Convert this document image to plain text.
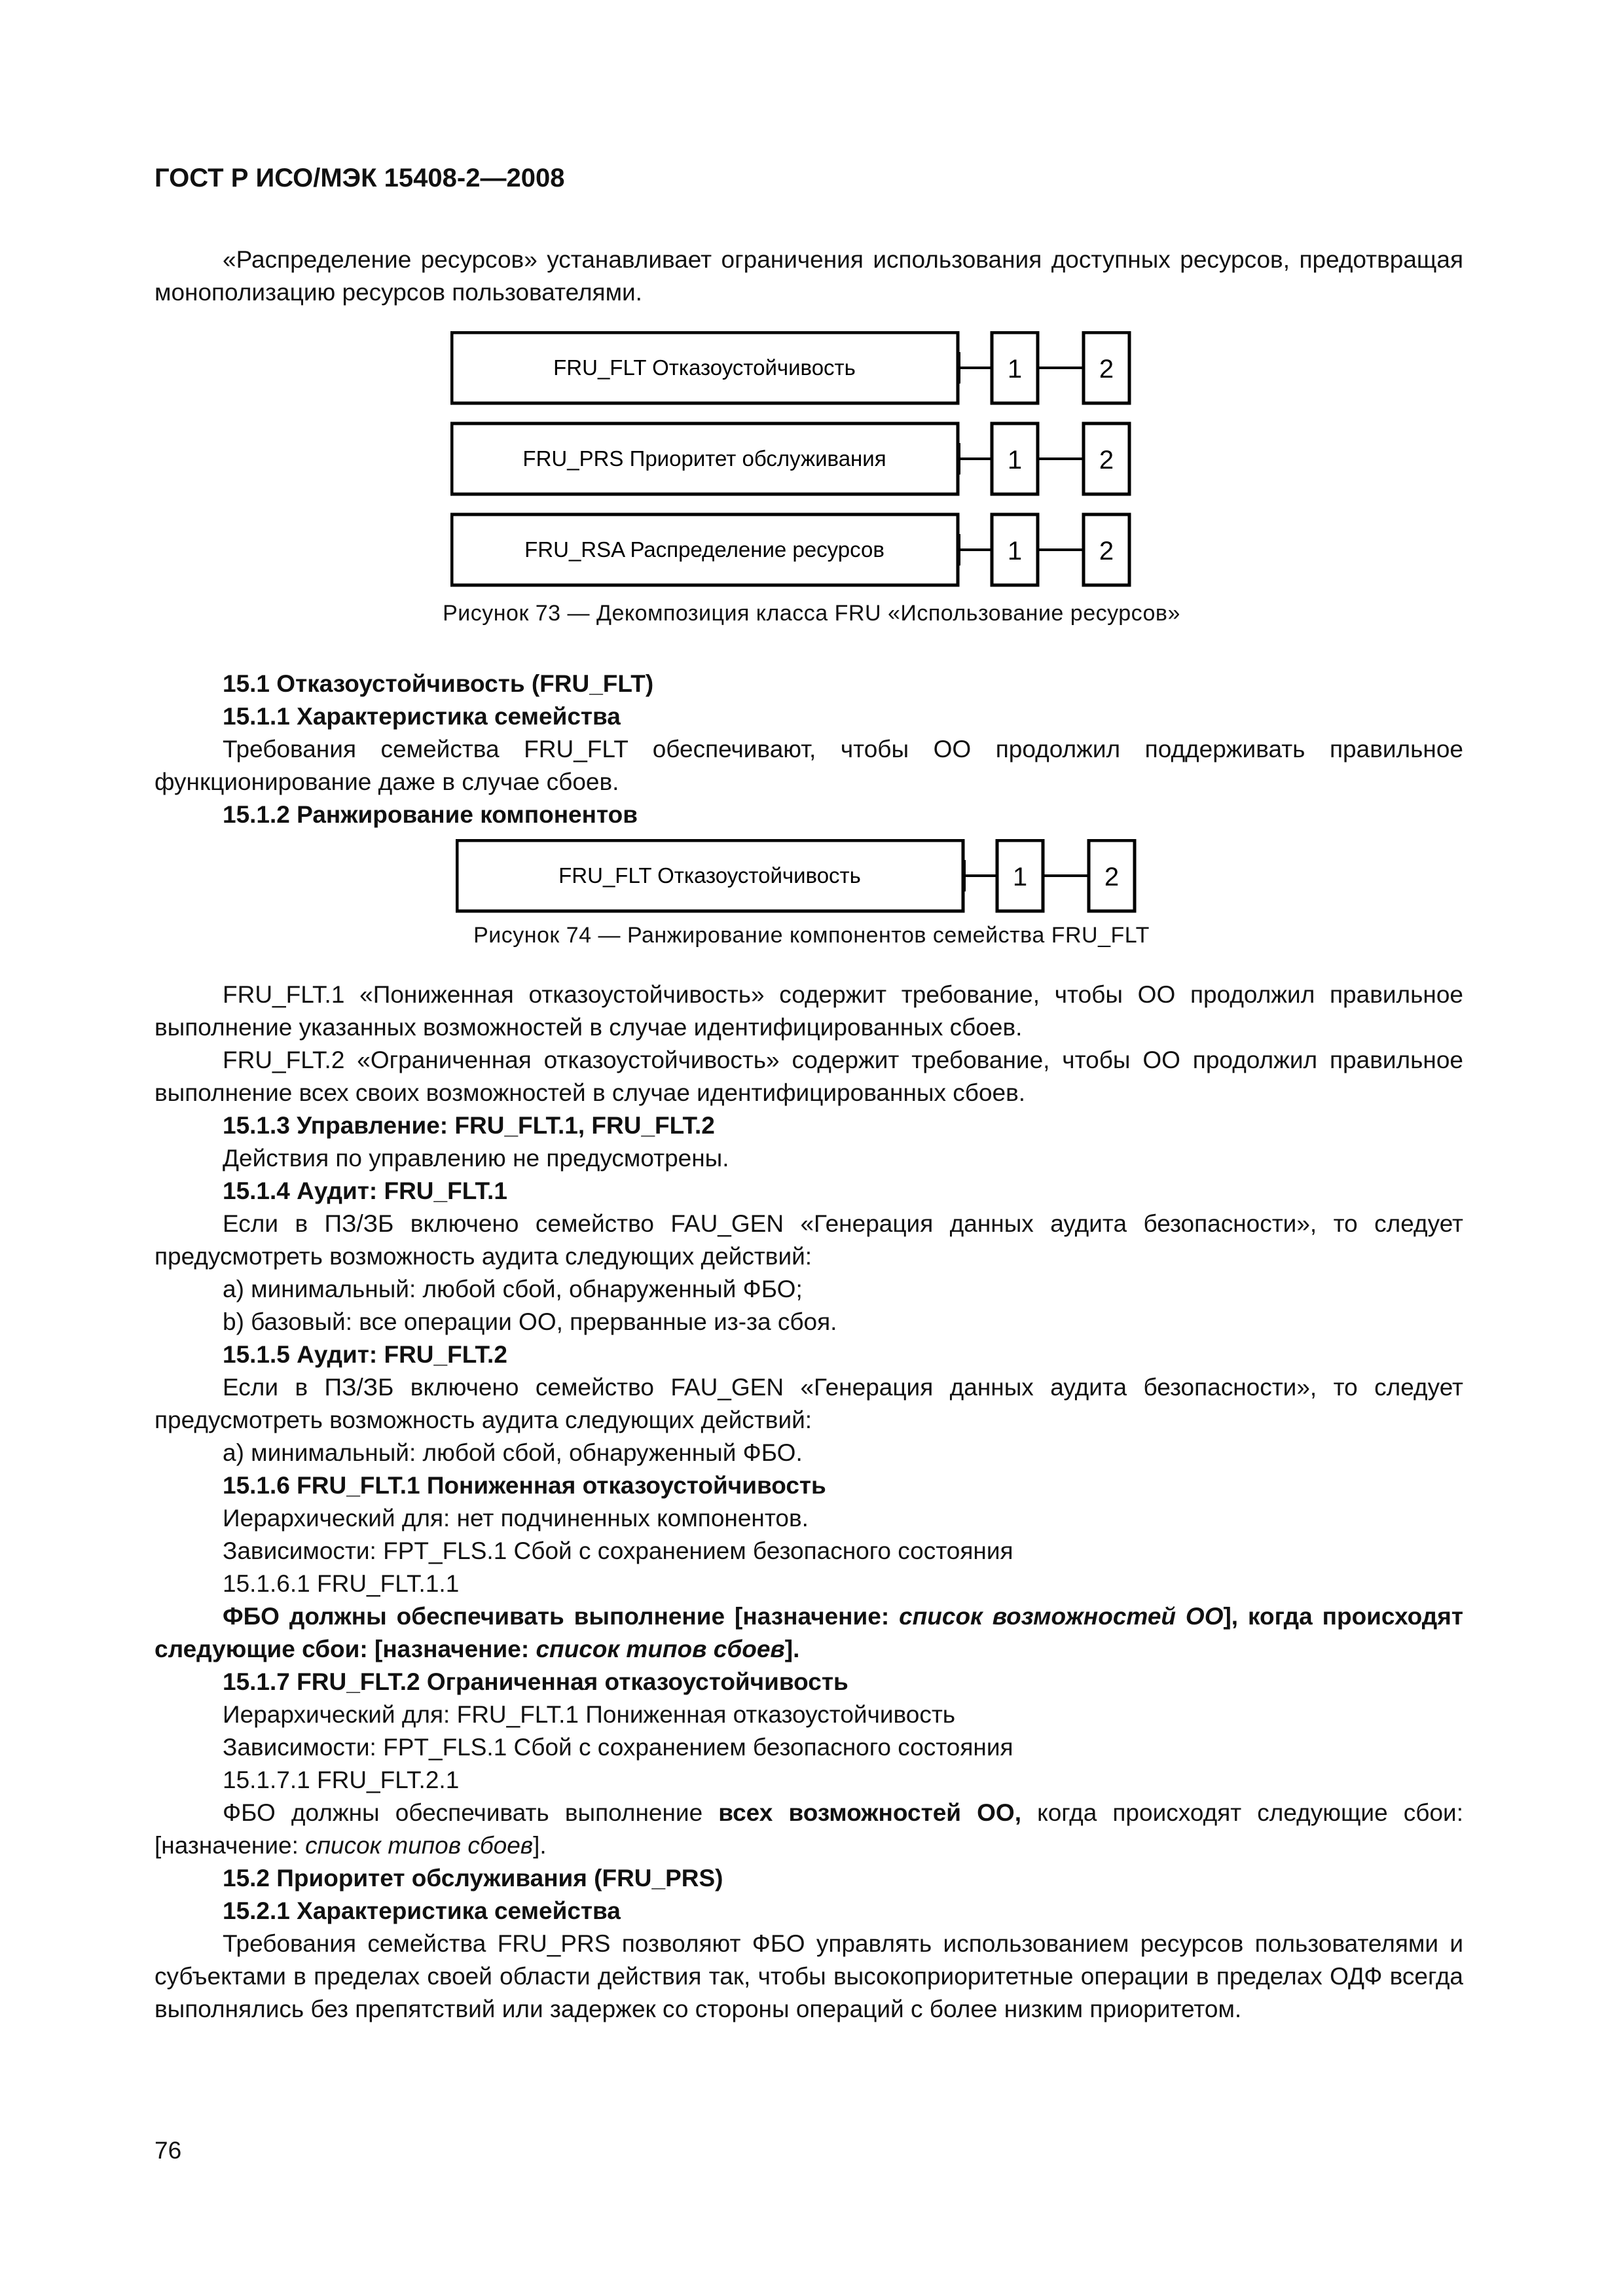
ГОСТ Р ИСО/МЭК 15408-2—2008
«Распределение ресурсов» устанавливает ограничения использования доступных ресурсов, предотвращая монополизацию ресурсов пользователями.
FRU_FLT Отказоустойчивость	1	2
FRU_PRS Приоритет обслуживания	1	2
FRU_RSA Распределение ресурсов	1	2
Рисунок 73 — Декомпозиция класса FRU «Использование ресурсов»
15.1 Отказоустойчивость (FRU_FLT)
15.1.1 Характеристика семейства
Требования семейства FRU_FLT обеспечивают, чтобы ОО продолжил поддерживать правильное функционирование даже в случае сбоев.
15.1.2 Ранжирование компонентов
FRU_FLT Отказоустойчивость	1	2
Рисунок 74 — Ранжирование компонентов семейства FRU_FLT
FRU_FLT.1 «Пониженная отказоустойчивость» содержит требование, чтобы ОО продолжил правильное выполнение указанных возможностей в случае идентифицированных сбоев.
FRU_FLT.2 «Ограниченная отказоустойчивость» содержит требование, чтобы ОО продолжил правильное выполнение всех своих возможностей в случае идентифицированных сбоев.
15.1.3 Управление: FRU_FLT.1, FRU_FLT.2
Действия по управлению не предусмотрены.
15.1.4 Аудит: FRU_FLT.1
Если в ПЗ/ЗБ включено семейство FAU_GEN «Генерация данных аудита безопасности», то следует предусмотреть возможность аудита следующих действий:
a) минимальный: любой сбой, обнаруженный ФБО;
b) базовый: все операции ОО, прерванные из-за сбоя.
15.1.5 Аудит: FRU_FLT.2
Если в ПЗ/ЗБ включено семейство FAU_GEN «Генерация данных аудита безопасности», то следует предусмотреть возможность аудита следующих действий:
a) минимальный: любой сбой, обнаруженный ФБО.
15.1.6 FRU_FLT.1 Пониженная отказоустойчивость
Иерархический для: нет подчиненных компонентов.
Зависимости: FPT_FLS.1 Сбой с сохранением безопасного состояния
15.1.6.1 FRU_FLT.1.1
ФБО должны обеспечивать выполнение [назначение: список возможностей ОО], когда происходят следующие сбои: [назначение: список типов сбоев].
15.1.7 FRU_FLT.2 Ограниченная отказоустойчивость
Иерархический для: FRU_FLT.1 Пониженная отказоустойчивость
Зависимости: FPT_FLS.1 Сбой с сохранением безопасного состояния
15.1.7.1 FRU_FLT.2.1
ФБО должны обеспечивать выполнение всех возможностей ОО, когда происходят следующие сбои: [назначение: список типов сбоев].
15.2 Приоритет обслуживания (FRU_PRS)
15.2.1 Характеристика семейства
Требования семейства FRU_PRS позволяют ФБО управлять использованием ресурсов пользователями и субъектами в пределах своей области действия так, чтобы высокоприоритетные операции в пределах ОДФ всегда выполнялись без препятствий или задержек со стороны операций с более низким приоритетом.
76
